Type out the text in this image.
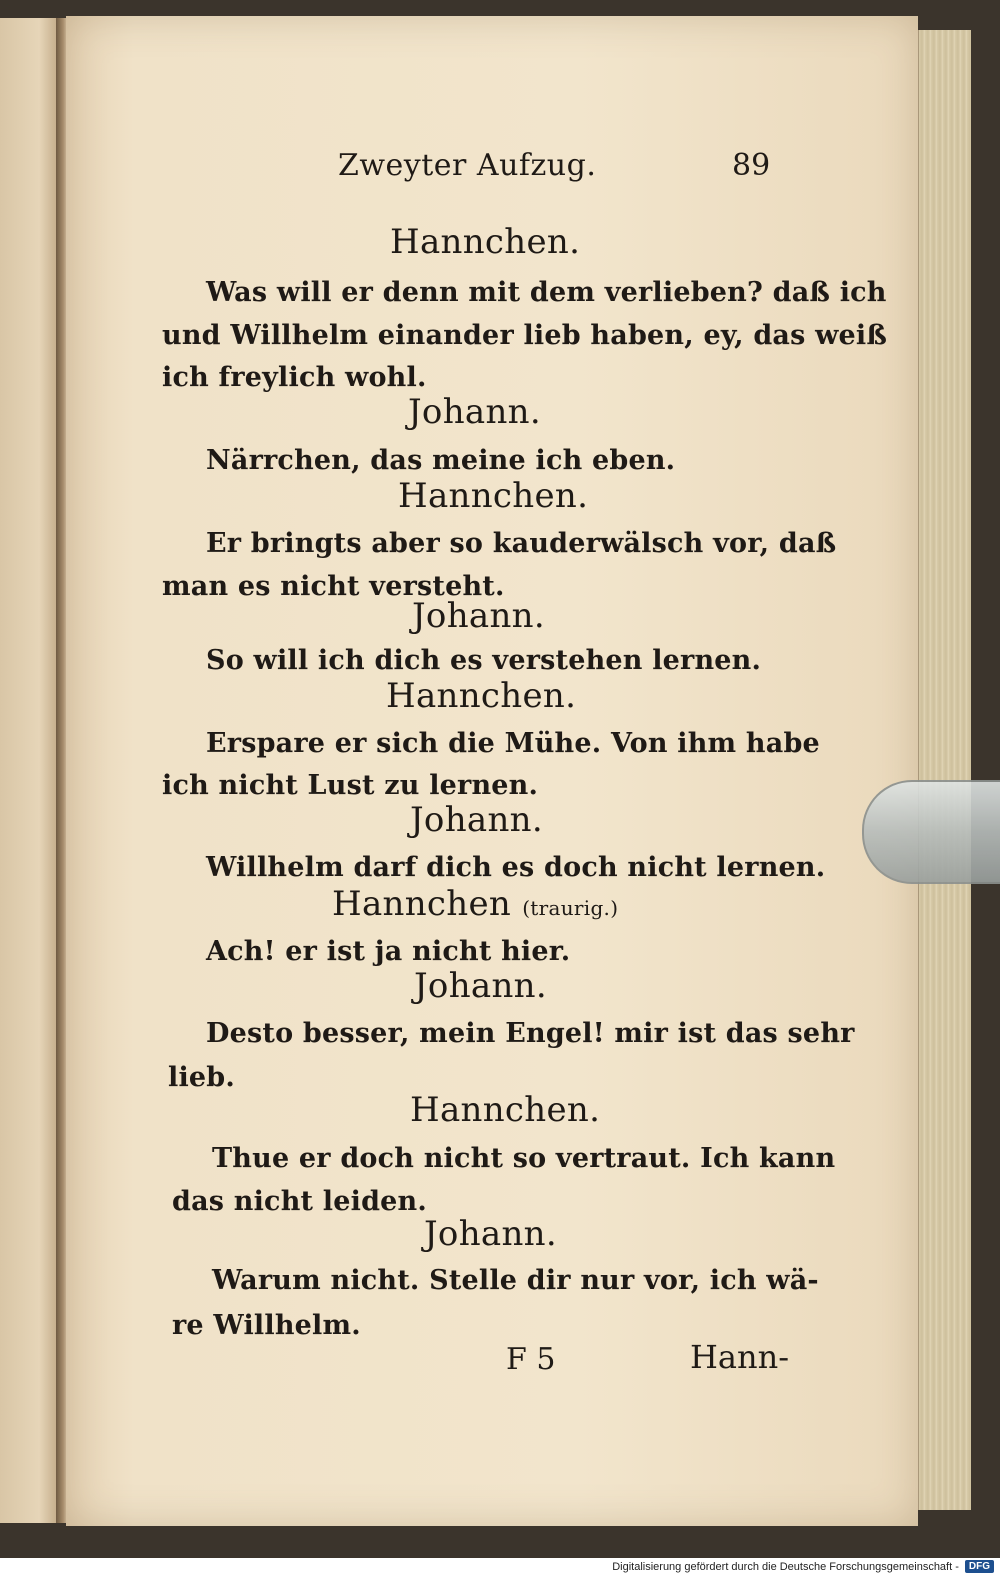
Zweyter Aufzug.	89
Hannchen.
Was will er denn mit dem verlieben? daß ich
und Willhelm einander lieb haben, ey, das weiß
ich freylich wohl.
Johann.
Närrchen, das meine ich eben.
Hannchen.
Er bringts aber so kauderwälsch vor, daß
man es nicht versteht.
Johann.
So will ich dich es verstehen lernen.
Hannchen.
Erspare er sich die Mühe. Von ihm habe
ich nicht Lust zu lernen.
Johann.
Willhelm darf dich es doch nicht lernen.
Hannchen (traurig.)
Ach! er ist ja nicht hier.
Johann.
Desto besser, mein Engel! mir ist das sehr
lieb.
Hannchen.
Thue er doch nicht so vertraut. Ich kann
das nicht leiden.
Johann.
Warum nicht. Stelle dir nur vor, ich wä-
re Willhelm.
F 5	Hann-
Digitalisierung gefördert durch die Deutsche Forschungsgemeinschaft - DFG
